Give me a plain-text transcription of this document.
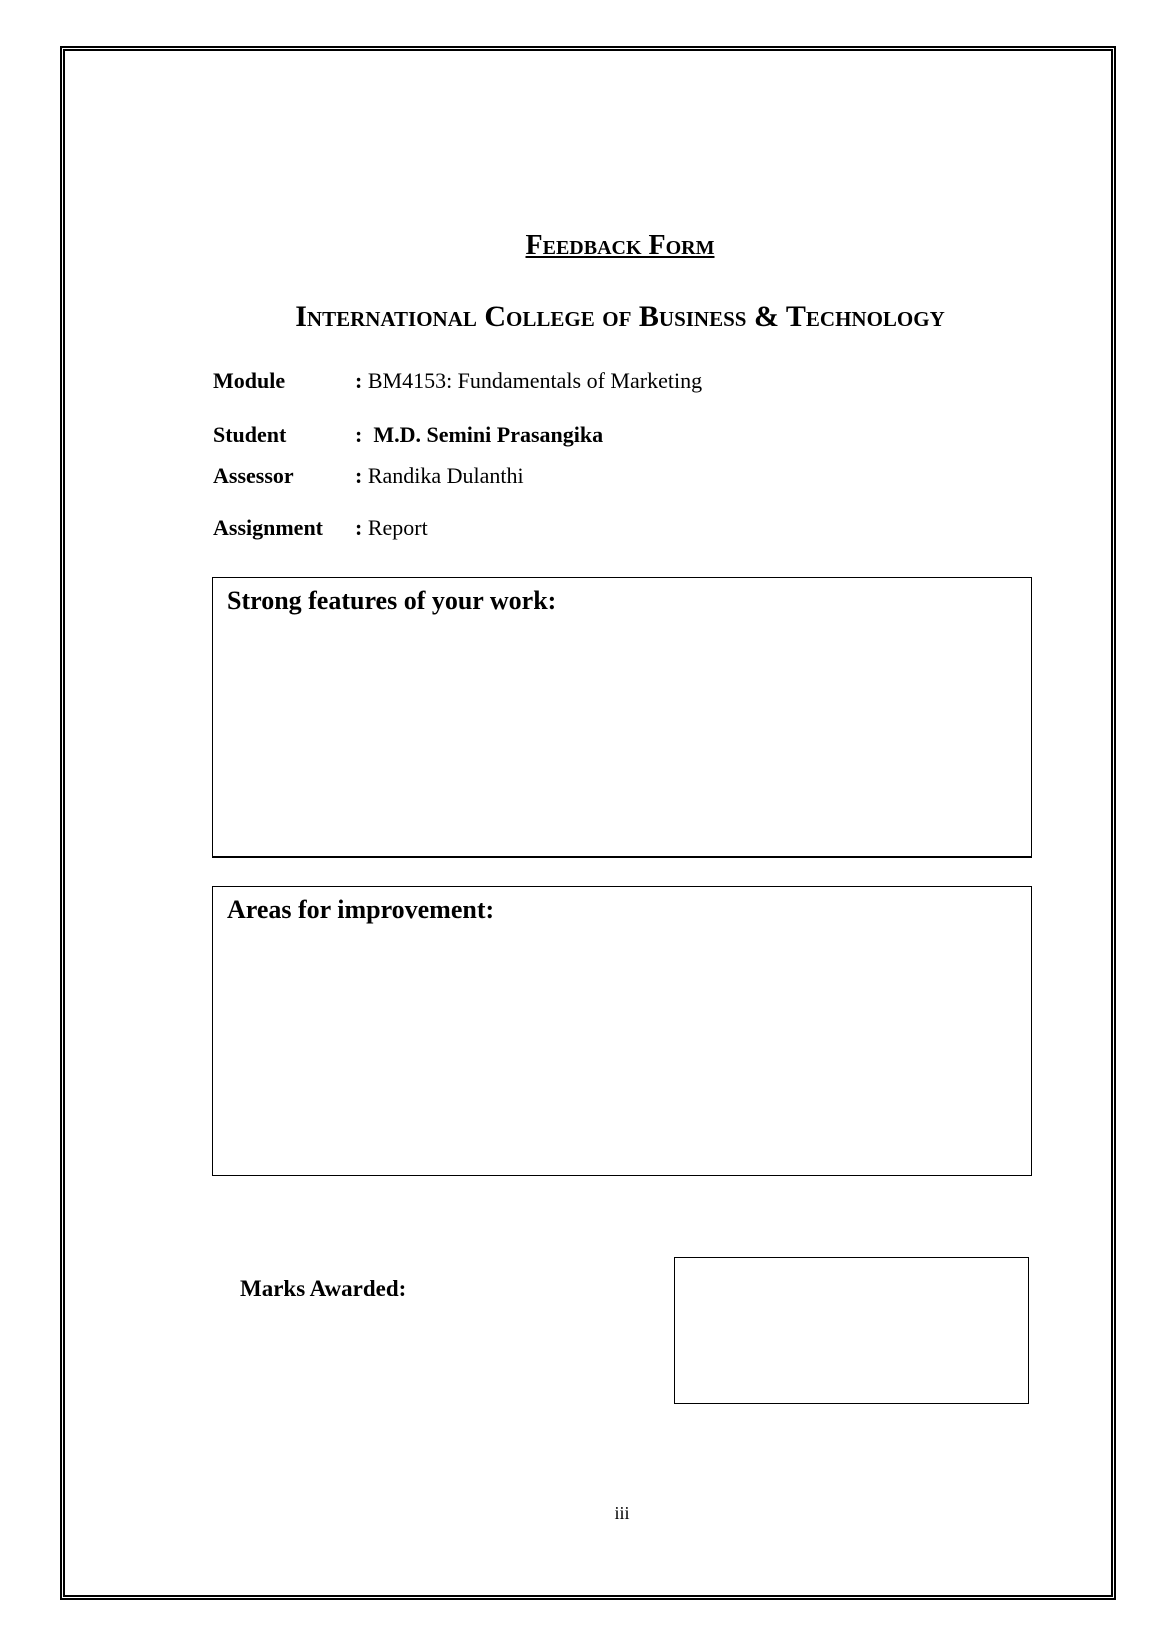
Feedback Form
International College of Business & Technology
Module	: BM4153: Fundamentals of Marketing
Student	: M.D. Semini Prasangika
Assessor	: Randika Dulanthi
Assignment : Report
Strong features of your work:
Areas for improvement:
Marks Awarded:
iii
